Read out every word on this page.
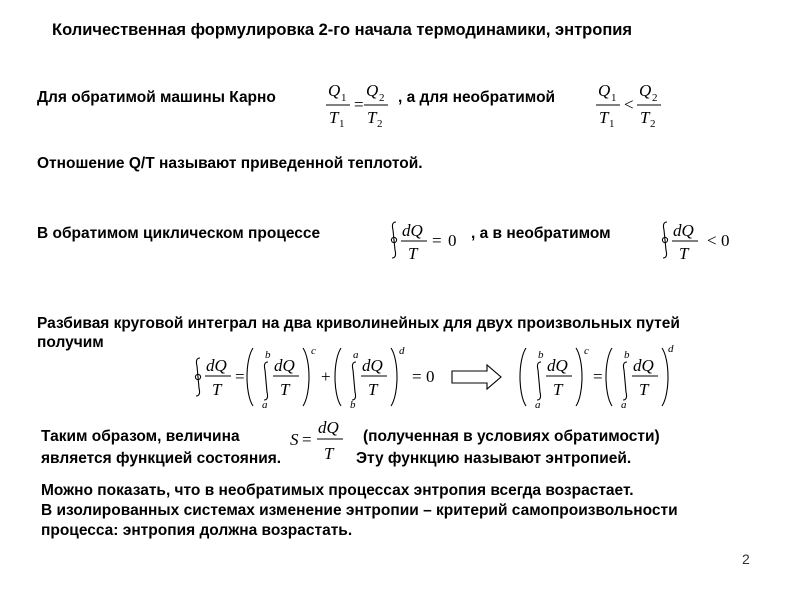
Количественная формулировка 2-го начала термодинамики, энтропия
Для обратимой машины Карно	Q 1
T 1
=
Q 2
T 2
, а для необратимой	Q 1
T 1
<
Q 2
T 2
Отношение Q/T называют приведенной теплотой.
В обратимом циклическом процессе	dQ
T
= 0 , а в необратимом	dQ
T
< 0
Разбивая круговой интеграл на два криволинейных для двух произвольных путей
получим
dQ
T
=
b
a
dQ
T
c
+
a
b
dQ
T
d
= 0
b
a
dQ
T
c
=
b
a
dQ
T
d
Таким образом, величина	S =
dQ
T
(полученная в условиях обратимости)
является функцией состояния.	Эту функцию называют энтропией.
Можно показать, что в необратимых процессах энтропия всегда возрастает.
В изолированных системах изменение энтропии – критерий самопроизвольности
процесса: энтропия должна возрастать.
2
